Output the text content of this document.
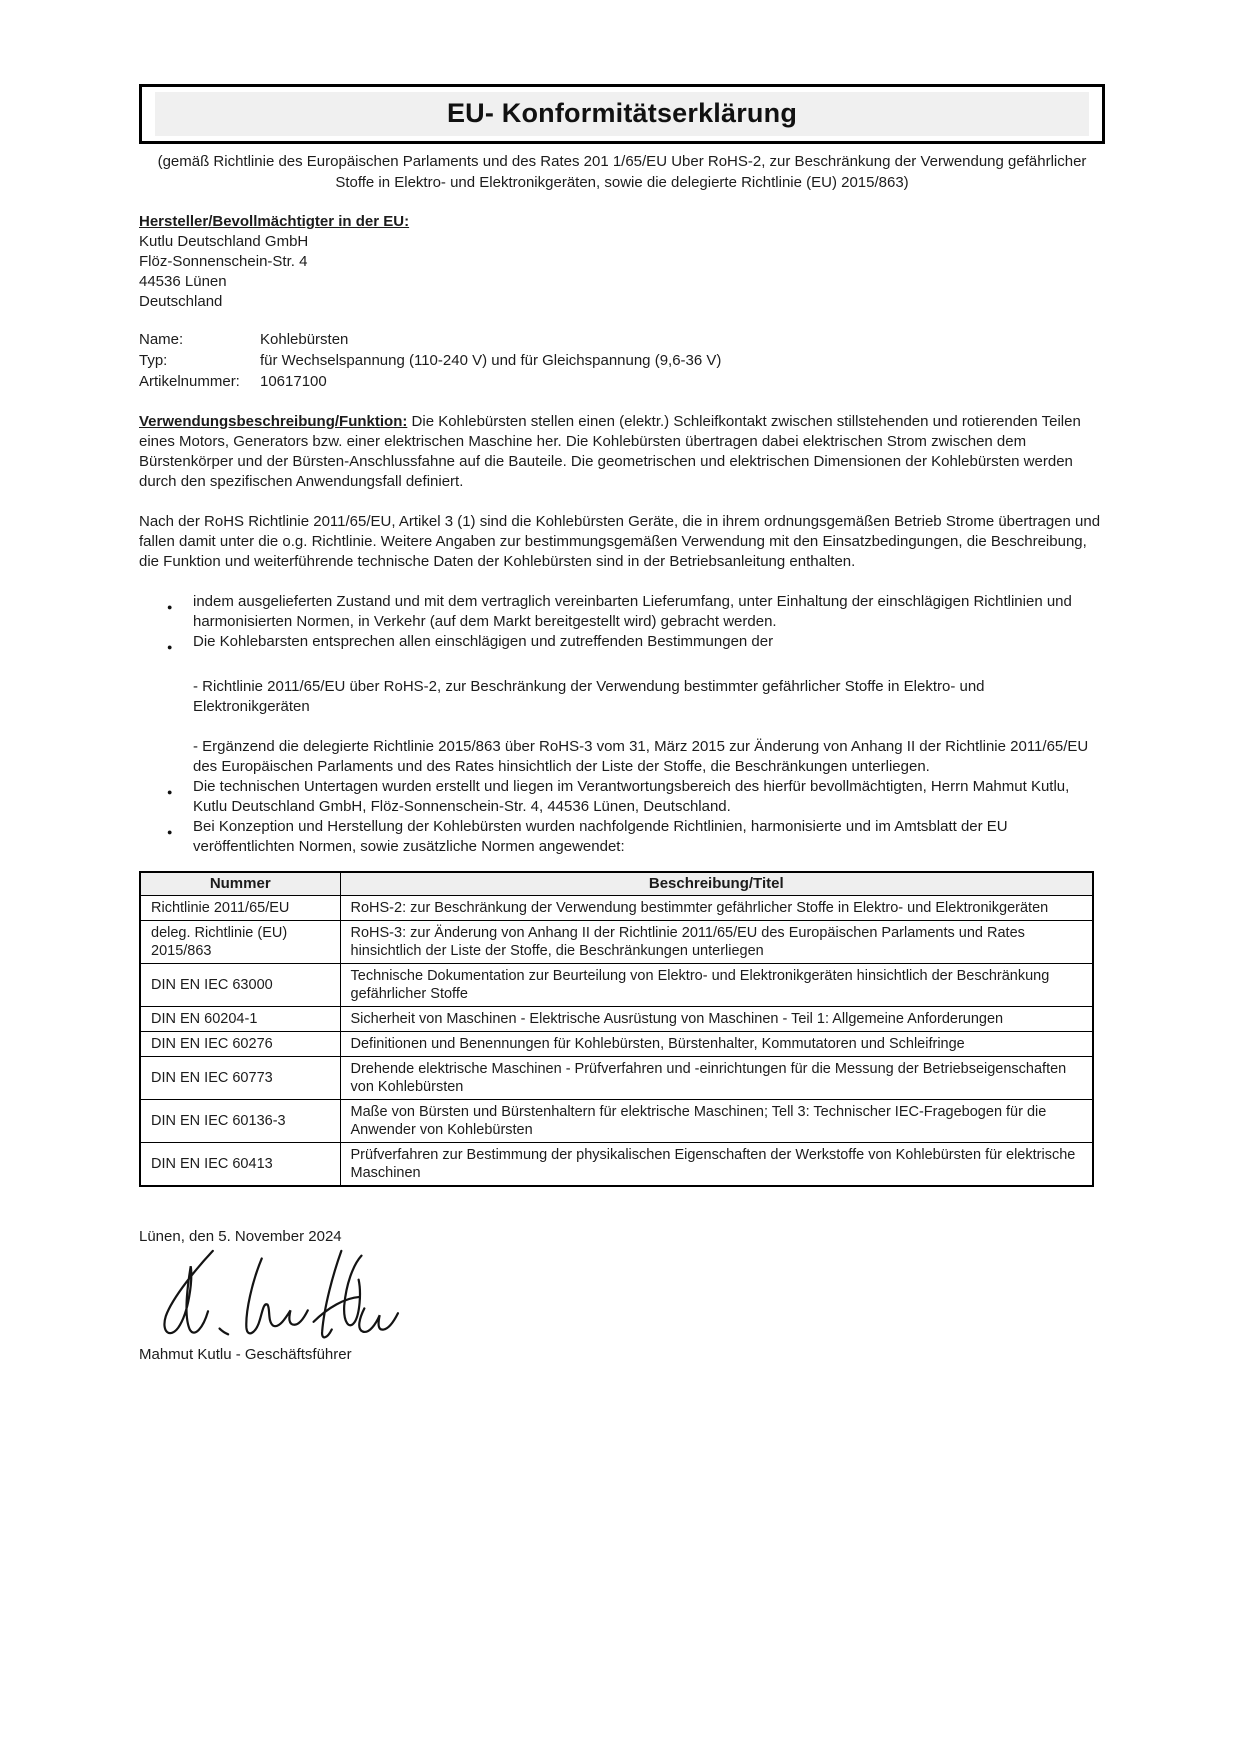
EU- Konformitätserklärung

(gemäß Richtlinie des Europäischen Parlaments und des Rates 201 1/65/EU Uber RoHS-2, zur Beschränkung der Verwendung gefährlicher Stoffe in Elektro- und Elektronikgeräten, sowie die delegierte Richtlinie (EU) 2015/863)

Hersteller/Bevollmächtigter in der EU:

Kutlu Deutschland GmbH
Flöz-Sonnenschein-Str. 4
44536 Lünen
Deutschland
Name:	Kohlebürsten
Typ:	für Wechselspannung (110-240 V) und für Gleichspannung (9,6-36 V)
Artikelnummer:	10617100

Verwendungsbeschreibung/Funktion: Die Kohlebürsten stellen einen (elektr.) Schleifkontakt zwischen stillstehenden und rotierenden Teilen eines Motors, Generators bzw. einer elektrischen Maschine her. Die Kohlebürsten übertragen dabei elektrischen Strom zwischen dem Bürstenkörper und der Bürsten-Anschlussfahne auf die Bauteile. Die geometrischen und elektrischen Dimensionen der Kohlebürsten werden durch den spezifischen Anwendungsfall definiert.

Nach der RoHS Richtlinie 2011/65/EU, Artikel 3 (1) sind die Kohlebürsten Geräte, die in ihrem ordnungsgemäßen Betrieb Strome übertragen und fallen damit unter die o.g. Richtlinie. Weitere Angaben zur bestimmungsgemäßen Verwendung mit den Einsatzbedingungen, die Beschreibung, die Funktion und weiterführende technische Daten der Kohlebürsten sind in der Betriebsanleitung enthalten.

●	indem ausgelieferten Zustand und mit dem vertraglich vereinbarten Lieferumfang, unter Einhaltung der einschlägigen Richtlinien und harmonisierten Normen, in Verkehr (auf dem Markt bereitgestellt wird) gebracht werden.
●	Die Kohlebarsten entsprechen allen einschlägigen und zutreffenden Bestimmungen der
- Richtlinie 2011/65/EU über RoHS-2, zur Beschränkung der Verwendung bestimmter gefährlicher Stoffe in Elektro- und Elektronikgeräten
- Ergänzend die delegierte Richtlinie 2015/863 über RoHS-3 vom 31, März 2015 zur Änderung von Anhang II der Richtlinie 2011/65/EU des Europäischen Parlaments und des Rates hinsichtlich der Liste der Stoffe, die Beschränkungen unterliegen.
●	Die technischen Untertagen wurden erstellt und liegen im Verantwortungsbereich des hierfür bevollmächtigten, Herrn Mahmut Kutlu, Kutlu Deutschland GmbH, Flöz-Sonnenschein-Str. 4, 44536 Lünen, Deutschland.
●	Bei Konzeption und Herstellung der Kohlebürsten wurden nachfolgende Richtlinien, harmonisierte und im Amtsblatt der EU veröffentlichten Normen, sowie zusätzliche Normen angewendet:
Nummer	Beschreibung/Titel
Richtlinie 2011/65/EU	RoHS-2: zur Beschränkung der Verwendung bestimmter gefährlicher Stoffe in Elektro- und Elektronikgeräten
deleg. Richtlinie (EU) 2015/863	RoHS-3: zur Änderung von Anhang II der Richtlinie 2011/65/EU des Europäischen Parlaments und Rates hinsichtlich der Liste der Stoffe, die Beschränkungen unterliegen
DIN EN IEC 63000	Technische Dokumentation zur Beurteilung von Elektro- und Elektronikgeräten hinsichtlich der Beschränkung gefährlicher Stoffe
DIN EN 60204-1	Sicherheit von Maschinen - Elektrische Ausrüstung von Maschinen - Teil 1: Allgemeine Anforderungen
DIN EN IEC 60276	Definitionen und Benennungen für Kohlebürsten, Bürstenhalter, Kommutatoren und Schleifringe
DIN EN IEC 60773	Drehende elektrische Maschinen - Prüfverfahren und -einrichtungen für die Messung der Betriebseigenschaften von Kohlebürsten
DIN EN IEC 60136-3	Maße von Bürsten und Bürstenhaltern für elektrische Maschinen; Tell 3: Technischer IEC-Fragebogen für die Anwender von Kohlebürsten
DIN EN IEC 60413	Prüfverfahren zur Bestimmung der physikalischen Eigenschaften der Werkstoffe von Kohlebürsten für elektrische Maschinen

Lünen, den 5. November 2024

Mahmut Kutlu - Geschäftsführer
